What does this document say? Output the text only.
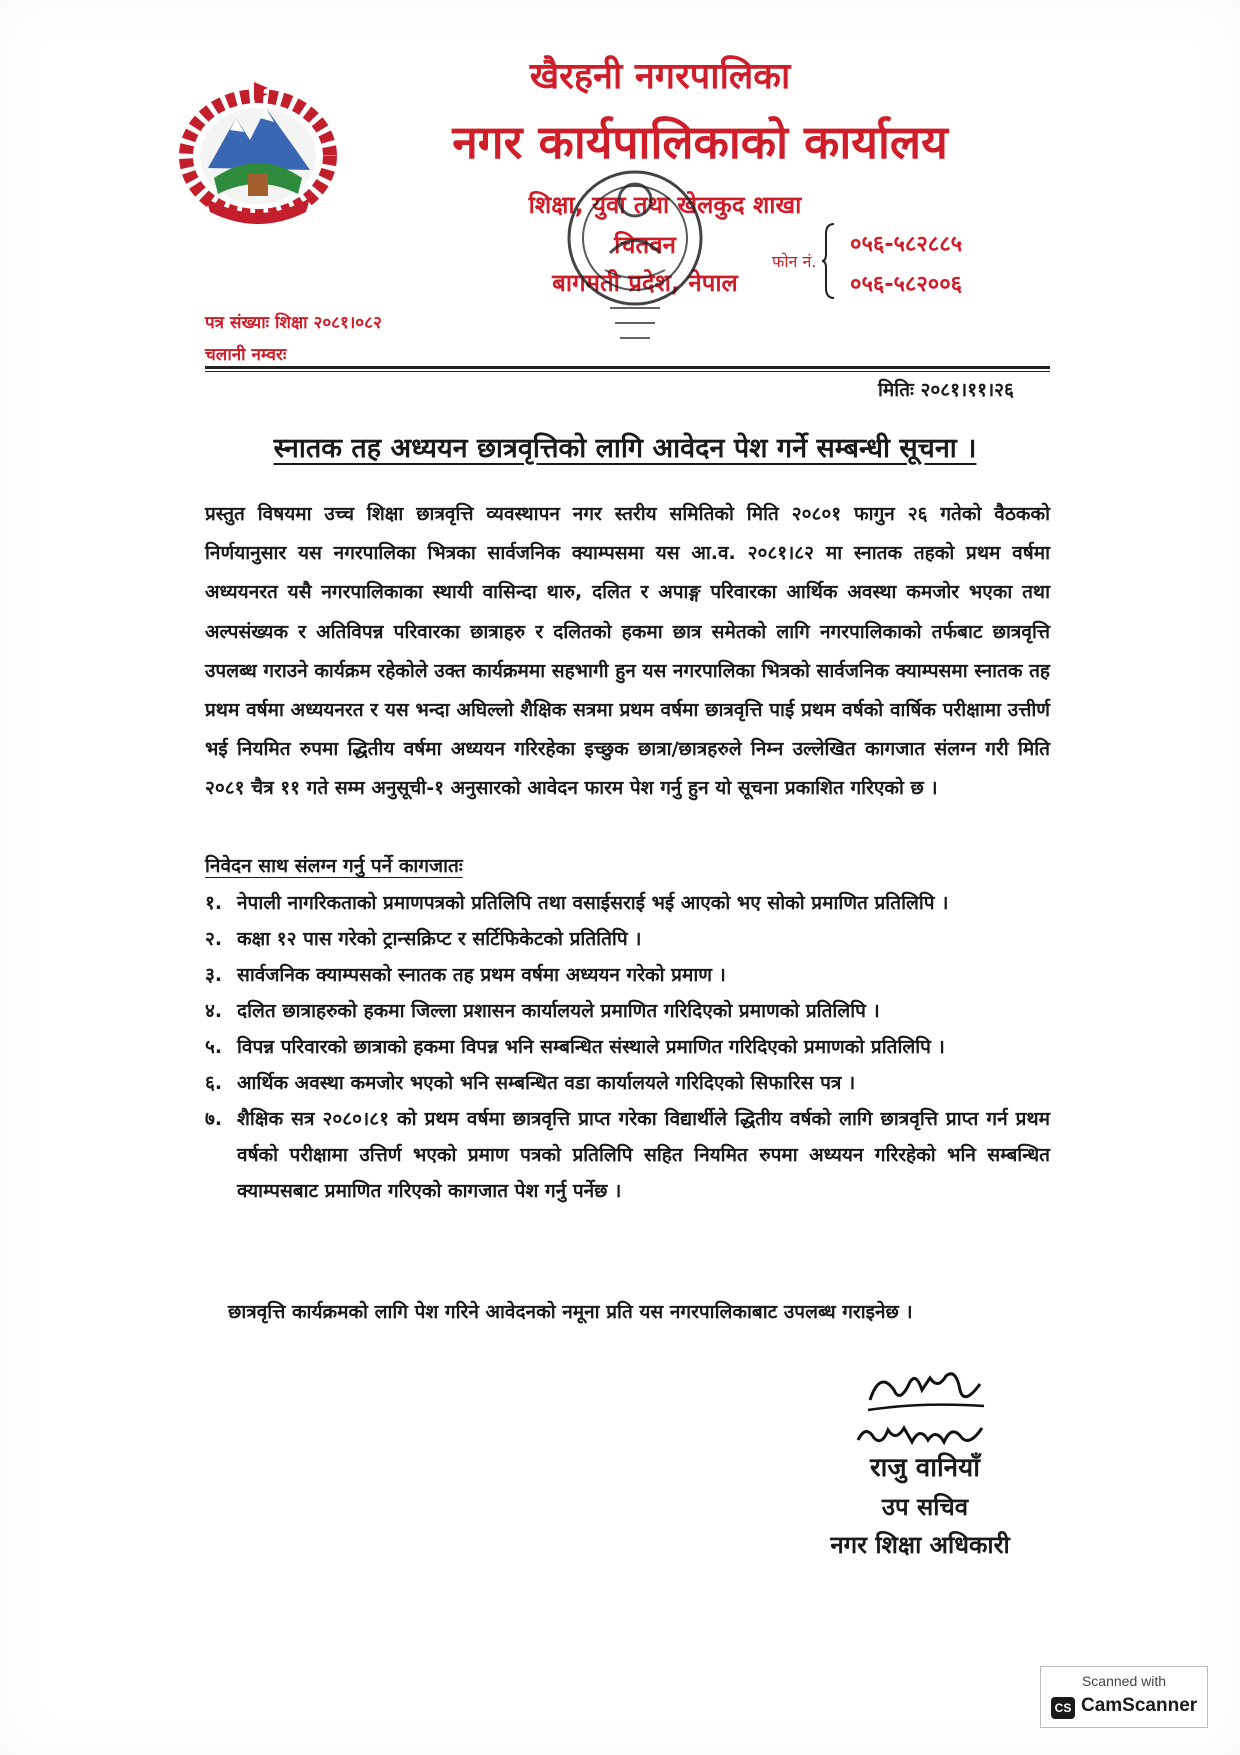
खैरहनी नगरपालिका
नगर कार्यपालिकाको कार्यालय
शिक्षा, युवा तथा खेलकुद शाखा
चितवन
बागमती प्रदेश, नेपाल
फोन नं.
०५६-५८२८८५
०५६-५८२००६
पत्र संख्याः शिक्षा २०८१।०८२
चलानी नम्वरः
मितिः २०८१।११।२६
स्नातक तह अध्ययन छात्रवृत्तिको लागि आवेदन पेश गर्ने सम्बन्धी सूचना ।

प्रस्तुत विषयमा उच्च शिक्षा छात्रवृत्ति व्यवस्थापन नगर स्तरीय समितिको मिति २०८०१ फागुन २६ गतेको वैठकको निर्णयानुसार यस नगरपालिका भित्रका सार्वजनिक क्याम्पसमा यस आ.व. २०८१।८२ मा स्नातक तहको प्रथम वर्षमा अध्ययनरत यसै नगरपालिकाका स्थायी वासिन्दा थारु, दलित र अपाङ्ग परिवारका आर्थिक अवस्था कमजोर भएका तथा अल्पसंख्यक र अतिविपन्न परिवारका छात्राहरु र दलितको हकमा छात्र समेतको लागि नगरपालिकाको तर्फबाट छात्रवृत्ति उपलब्ध गराउने कार्यक्रम रहेकोले उक्त कार्यक्रममा सहभागी हुन यस नगरपालिका भित्रको सार्वजनिक क्याम्पसमा स्नातक तह प्रथम वर्षमा अध्ययनरत र यस भन्दा अघिल्लो शैक्षिक सत्रमा प्रथम वर्षमा छात्रवृत्ति पाई प्रथम वर्षको वार्षिक परीक्षामा उत्तीर्ण भई नियमित रुपमा द्धितीय वर्षमा अध्ययन गरिरहेका इच्छुक छात्रा/छात्रहरुले निम्न उल्लेखित कागजात संलग्न गरी मिति २०८१ चैत्र ११ गते सम्म अनुसूची-१ अनुसारको आवेदन फारम पेश गर्नु हुन यो सूचना प्रकाशित गरिएको छ ।

निवेदन साथ संलग्न गर्नु पर्ने कागजातः
१. नेपाली नागरिकताको प्रमाणपत्रको प्रतिलिपि तथा वसाईसराई भई आएको भए सोको प्रमाणित प्रतिलिपि ।
२. कक्षा १२ पास गरेको ट्रान्सक्रिप्ट र सर्टिफिकेटको प्रतितिपि ।
३. सार्वजनिक क्याम्पसको स्नातक तह प्रथम वर्षमा अध्ययन गरेको प्रमाण ।
४. दलित छात्राहरुको हकमा जिल्ला प्रशासन कार्यालयले प्रमाणित गरिदिएको प्रमाणको प्रतिलिपि ।
५. विपन्न परिवारको छात्राको हकमा विपन्न भनि सम्बन्धित संस्थाले प्रमाणित गरिदिएको प्रमाणको प्रतिलिपि ।
६. आर्थिक अवस्था कमजोर भएको भनि सम्बन्धित वडा कार्यालयले गरिदिएको सिफारिस पत्र ।
७. शैक्षिक सत्र २०८०।८१ को प्रथम वर्षमा छात्रवृत्ति प्राप्त गरेका विद्यार्थीले द्धितीय वर्षको लागि छात्रवृत्ति प्राप्त गर्न प्रथम वर्षको परीक्षामा उत्तिर्ण भएको प्रमाण पत्रको प्रतिलिपि सहित नियमित रुपमा अध्ययन गरिरहेको भनि सम्बन्धित क्याम्पसबाट प्रमाणित गरिएको कागजात पेश गर्नु पर्नेछ ।
छात्रवृत्ति कार्यक्रमको लागि पेश गरिने आवेदनको नमूना प्रति यस नगरपालिकाबाट उपलब्ध गराइनेछ ।
राजु वानियाँ
उप सचिव
नगर शिक्षा अधिकारी
Scanned with
CS CamScanner
